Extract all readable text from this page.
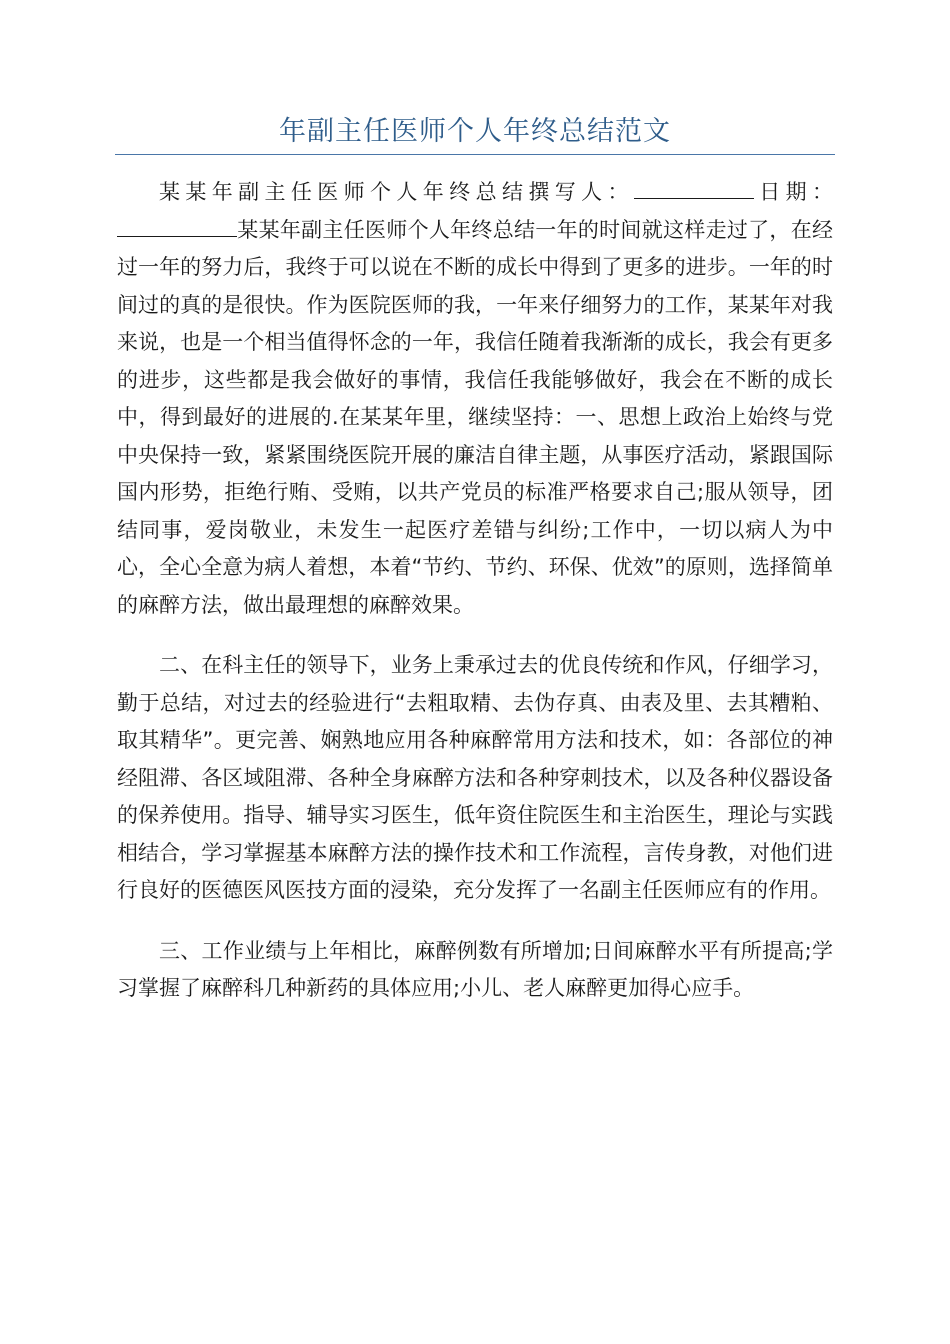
年副主任医师个人年终总结范文

某某年副主任医师个人年终总结撰写人：	日期：某某年副主任医师个人年终总结一年的时间就这样走过了，在经过一年的努力后，我终于可以说在不断的成长中得到了更多的进步。一年的时间过的真的是很快。作为医院医师的我，一年来仔细努力的工作，某某年对我来说，也是一个相当值得怀念的一年，我信任随着我渐渐的成长，我会有更多的进步，这些都是我会做好的事情，我信任我能够做好，我会在不断的成长中，得到最好的进展的.在某某年里，继续坚持：一、思想上政治上始终与党中央保持一致，紧紧围绕医院开展的廉洁自律主题，从事医疗活动，紧跟国际国内形势，拒绝行贿、受贿，以共产党员的标准严格要求自己;服从领导，团结同事，爱岗敬业，未发生一起医疗差错与纠纷;工作中，一切以病人为中心，全心全意为病人着想，本着“节约、节约、环保、优效”的原则，选择简单的麻醉方法，做出最理想的麻醉效果。

二、在科主任的领导下，业务上秉承过去的优良传统和作风，仔细学习，勤于总结，对过去的经验进行“去粗取精、去伪存真、由表及里、去其糟粕、取其精华”。更完善、娴熟地应用各种麻醉常用方法和技术，如：各部位的神经阻滞、各区域阻滞、各种全身麻醉方法和各种穿刺技术，以及各种仪器设备的保养使用。指导、辅导实习医生，低年资住院医生和主治医生，理论与实践相结合，学习掌握基本麻醉方法的操作技术和工作流程，言传身教，对他们进行良好的医德医风医技方面的浸染，充分发挥了一名副主任医师应有的作用。

三、工作业绩与上年相比，麻醉例数有所增加;日间麻醉水平有所提高;学习掌握了麻醉科几种新药的具体应用;小儿、老人麻醉更加得心应手。
